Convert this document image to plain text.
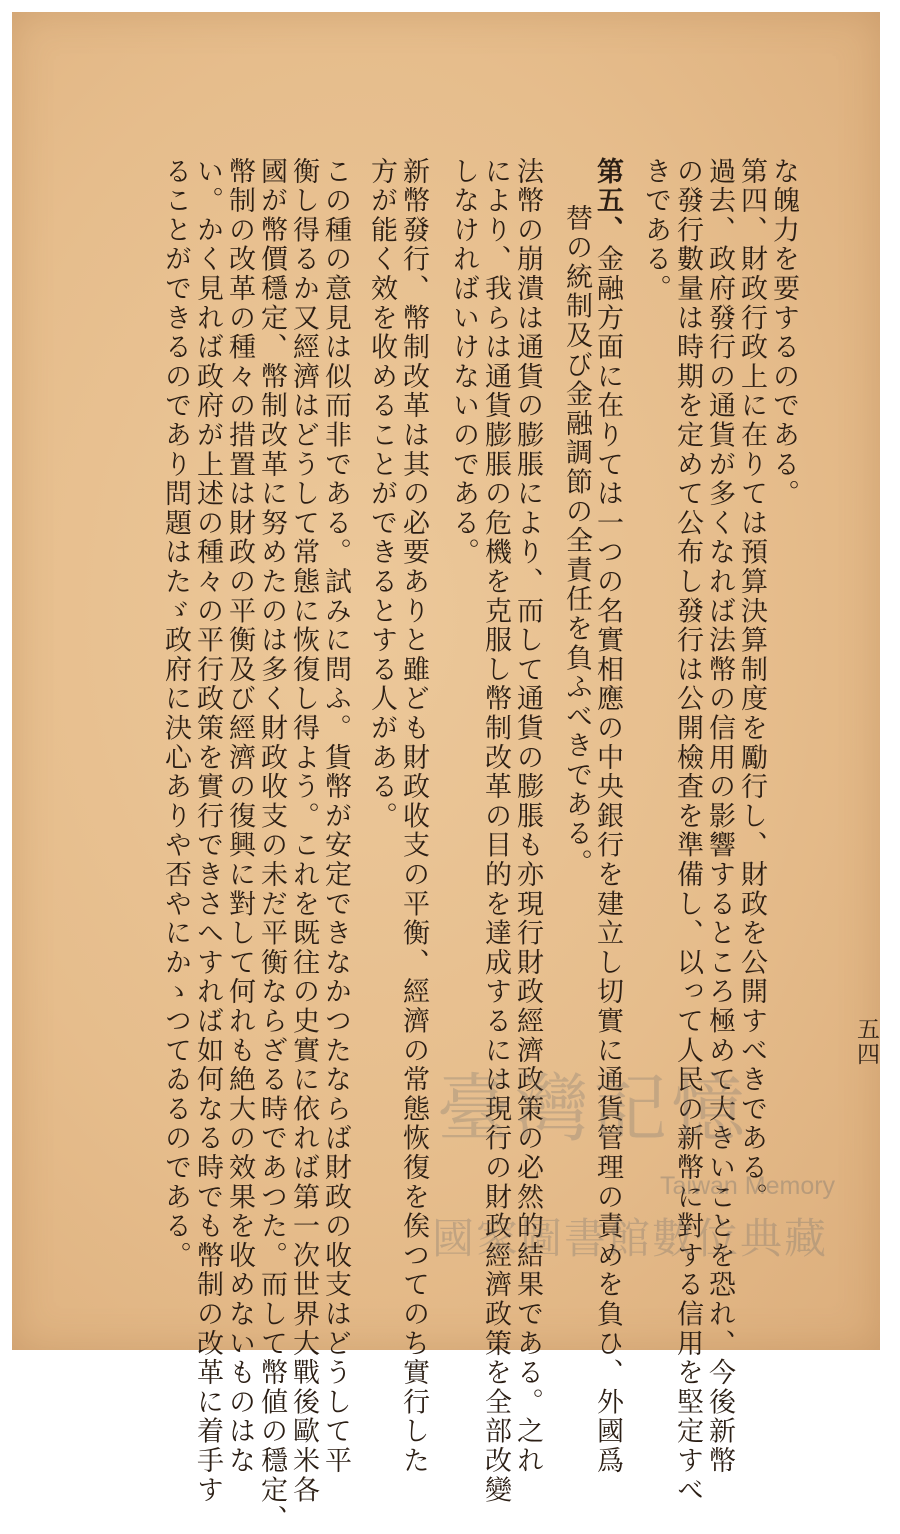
五四
替の統制及び金融調節の全責任を負ふべきである。
第五、金融方面に在りては一つの名實相應の中央銀行を建立し切實に通貨管理の責めを負ひ、外國爲
きである。 の發行數量は時期を定めて公布し發行は公開檢査を準備し、以って人民の新幣に對する信用を堅定すべ 過去、政府發行の通貨が多くなれば法幣の信用の影響するところ極めて大きいことを恐れ、今後新幣 第四、財政行政上に在りては預算決算制度を勵行し、財政を公開すべきである。 な魄力を要するのである。
法幣の崩潰は通貨の膨脹により、而して通貨の膨脹も亦現行財政經濟政策の必然的結果である。之れ
により、我らは通貨膨脹の危機を克服し幣制改革の目的を達成するには現行の財政經濟政策を全部改變
しなければいけないのである。
新幣發行、幣制改革は其の必要ありと雖ども財政收支の平衡、經濟の常態恢復を俟つてのち實行した
方が能く效を收めることができるとする人がある。
この種の意見は似而非である。試みに問ふ。貨幣が安定できなかつたならば財政の收支はどうして平
衡し得るか又經濟はどうして常態に恢復し得よう。これを既往の史實に依れば第一次世界大戰後歐米各
國が幣價穩定、幣制改革に努めたのは多く財政收支の未だ平衡ならざる時であつた。而して幣値の穩定、
幣制の改革の種々の措置は財政の平衡及び經濟の復興に對して何れも絶大の效果を收めないものはな
い。かく見れば政府が上述の種々の平行政策を實行できさへすれば如何なる時でも幣制の改革に着手す
ることができるのであり問題はたゞ政府に決心ありや否やにかゝつてゐるのである。	臺灣記憶
Taiwan Memory
國家圖書館數位典藏
